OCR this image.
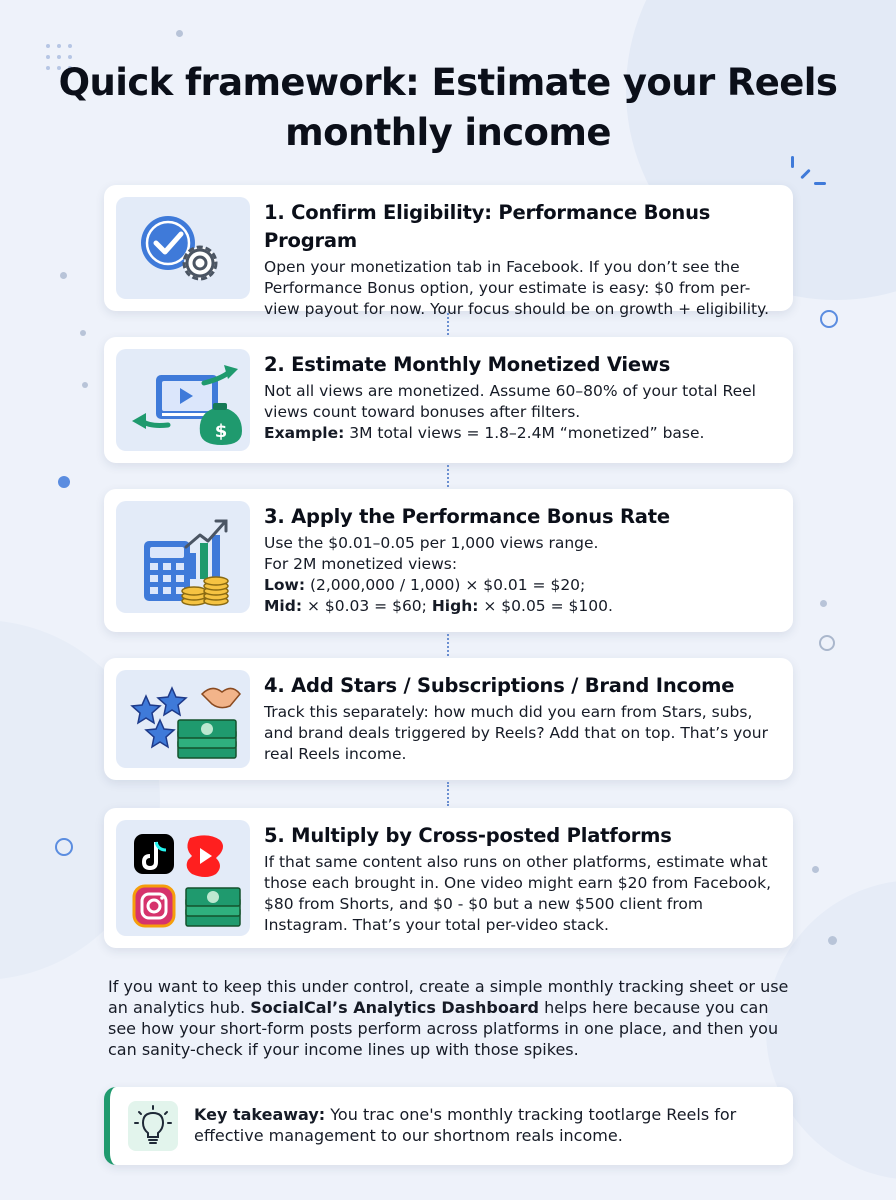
Quick framework: Estimate your Reels monthly income
1. Confirm Eligibility: Performance Bonus Program

Open your monetization tab in Facebook. If you don’t see the Performance Bonus option, your estimate is easy: $0 from per-view payout for now. Your focus should be on growth + eligibility.

$
2. Estimate Monthly Monetized Views

Not all views are monetized. Assume 60–80% of your total Reel views count toward bonuses after filters.
Example: 3M total views = 1.8–2.4M “monetized” base.

3. Apply the Performance Bonus Rate

Use the $0.01–0.05 per 1,000 views range.
For 2M monetized views:
Low: (2,000,000 / 1,000) × $0.01 = $20;
Mid: × $0.03 = $60; High: × $0.05 = $100.

4. Add Stars / Subscriptions / Brand Income

Track this separately: how much did you earn from Stars, subs, and brand deals triggered by Reels? Add that on top. That’s your real Reels income.

5. Multiply by Cross-posted Platforms

If that same content also runs on other platforms, estimate what those each brought in. One video might earn $20 from Facebook, $80 from Shorts, and $0 - $0 but a new $500 client from Instagram. That’s your total per-video stack.

If you want to keep this under control, create a simple monthly tracking sheet or use an analytics hub. SocialCal’s Analytics Dashboard helps here because you can see how your short-form posts perform across platforms in one place, and then you can sanity-check if your income lines up with those spikes.

Key takeaway: You trac one's monthly tracking tootlarge Reels for effective management to our shortnom reals income.
